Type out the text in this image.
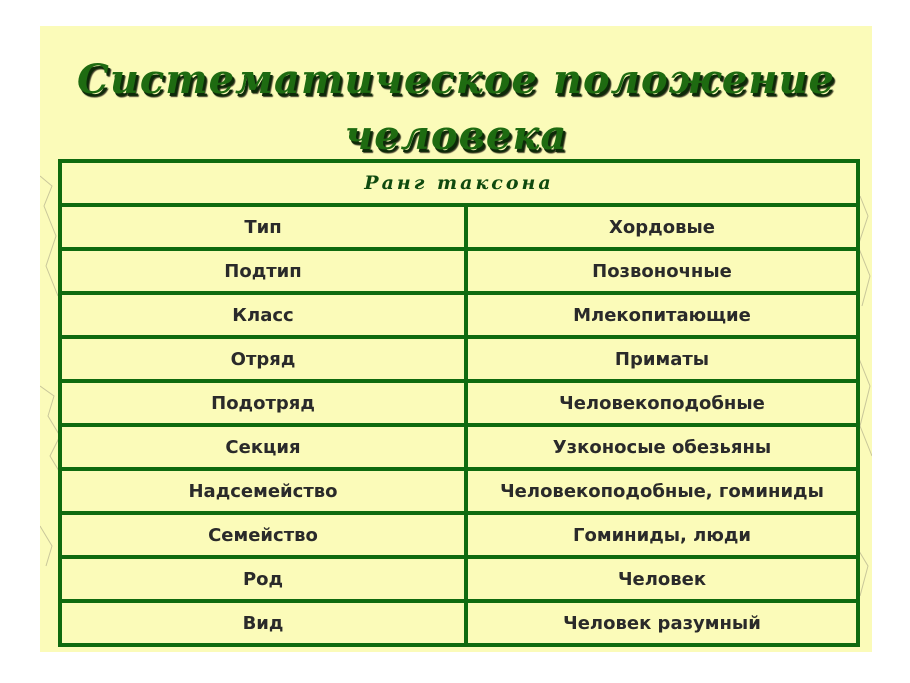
Систематическое положение
человека
Ранг таксона	
Тип	Хордовые
Подтип	Позвоночные
Класс	Млекопитающие
Отряд	Приматы
Подотряд	Человекоподобные
Секция	Узконосые обезьяны
Надсемейство	Человекоподобные, гоминиды
Семейство	Гоминиды, люди
Род	Человек
Вид	Человек разумный
